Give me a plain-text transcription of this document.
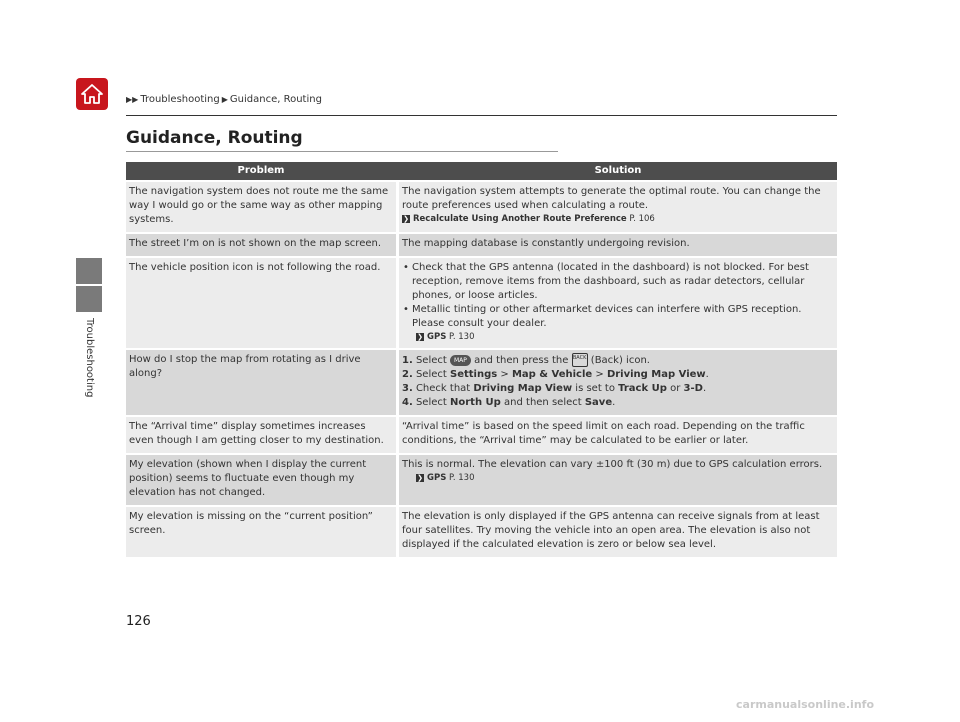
▶▶ Troubleshooting ▶ Guidance, Routing
Troubleshooting
Guidance, Routing
Problem	Solution
The navigation system does not route me the same way I would go or the same way as other mapping systems.
The navigation system attempts to generate the optimal route. You can change the route preferences used when calculating a route.
❯ Recalculate Using Another Route Preference P. 106
The street I’m on is not shown on the map screen.	The mapping database is constantly undergoing revision.
The vehicle position icon is not following the road.
•	Check that the GPS antenna (located in the dashboard) is not blocked. For best reception, remove items from the dashboard, such as radar detectors, cellular phones, or loose articles.
• Metallic tinting or other aftermarket devices can interfere with GPS reception. Please consult your dealer.
❯ GPS P. 130
How do I stop the map from rotating as I drive along?
1. Select MAP and then press the BACK (Back) icon.
2. Select Settings > Map & Vehicle > Driving Map View.
3. Check that Driving Map View is set to Track Up or 3-D.
4. Select North Up and then select Save.
The “Arrival time” display sometimes increases even though I am getting closer to my destination.
“Arrival time” is based on the speed limit on each road. Depending on the traffic conditions, the “Arrival time” may be calculated to be earlier or later.
My elevation (shown when I display the current position) seems to fluctuate even though my elevation has not changed.
This is normal. The elevation can vary ±100 ft (30 m) due to GPS calculation errors.
❯ GPS P. 130
My elevation is missing on the “current position” screen.
The elevation is only displayed if the GPS antenna can receive signals from at least four satellites. Try moving the vehicle into an open area. The elevation is also not displayed if the calculated elevation is zero or below sea level.
126
carmanualsonline.info
